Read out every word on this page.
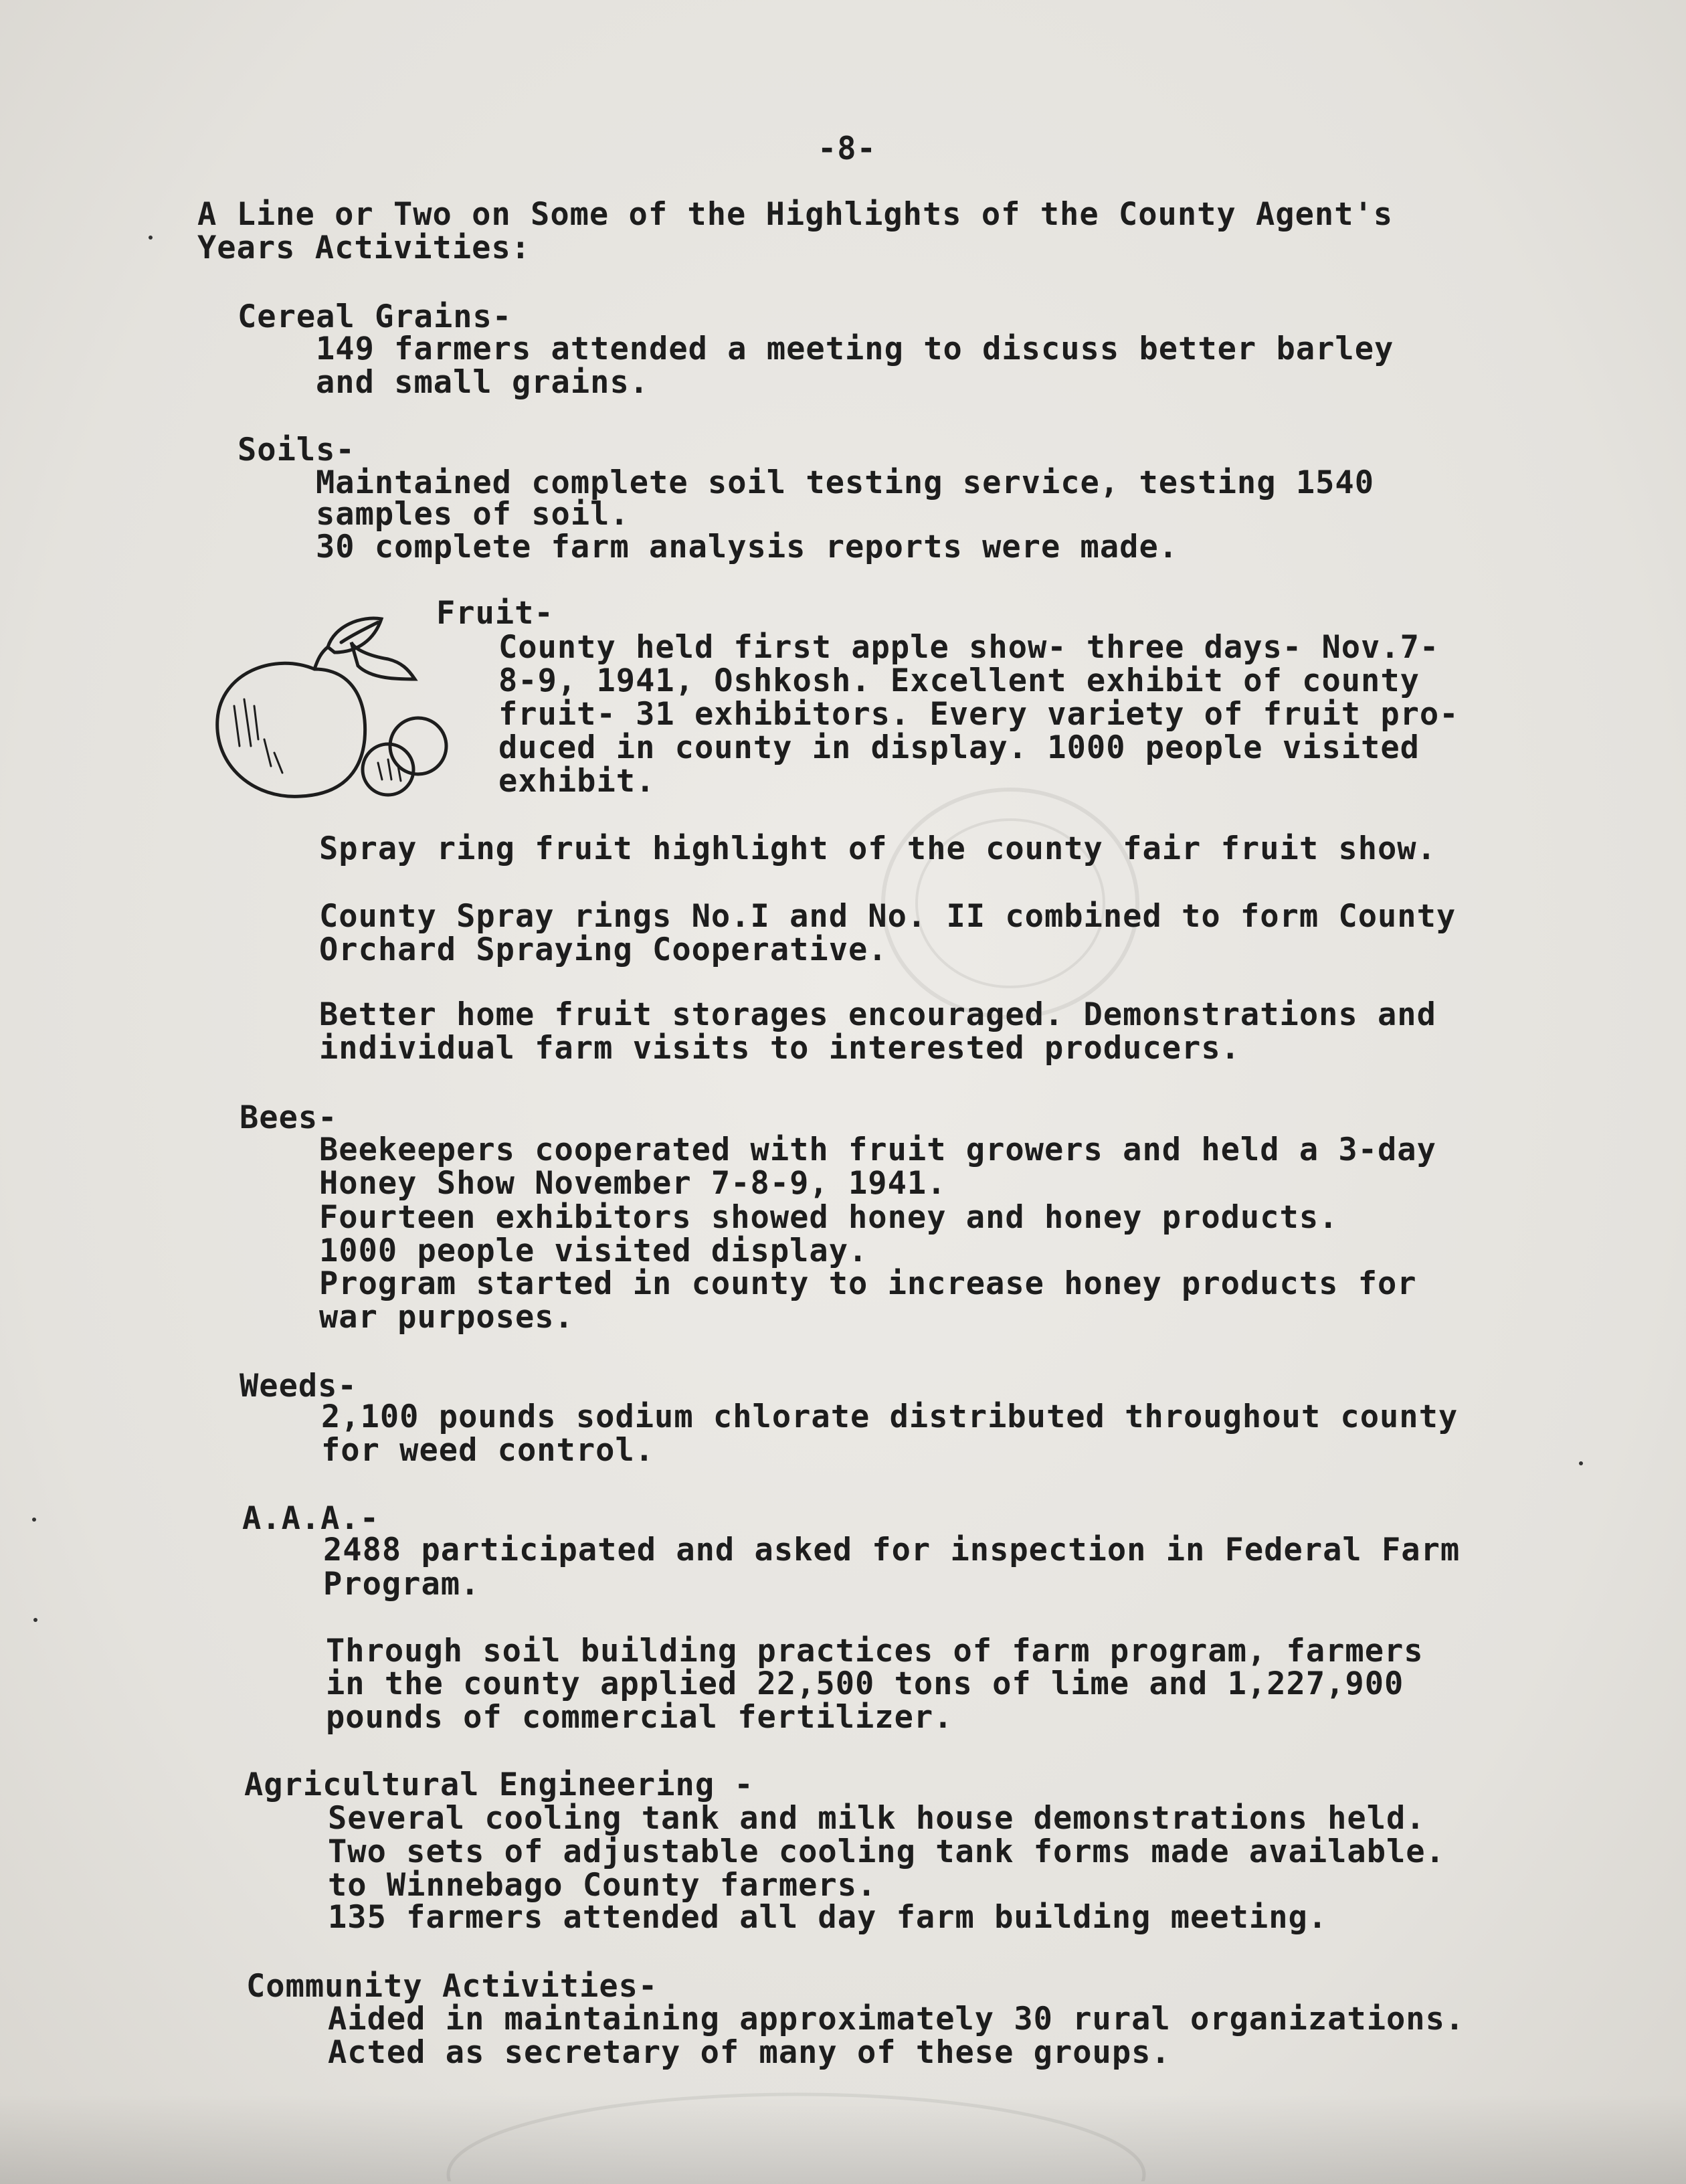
-8-
A Line or Two on Some of the Highlights of the County Agent's
Years Activities:
Cereal Grains-
149 farmers attended a meeting to discuss better barley
and small grains.
Soils-
Maintained complete soil testing service, testing 1540
samples of soil.
30 complete farm analysis reports were made.
Fruit-
County held first apple show- three days- Nov.7-
8-9, 1941, Oshkosh. Excellent exhibit of county
fruit- 31 exhibitors. Every variety of fruit pro-
duced in county in display. 1000 people visited
exhibit.
Spray ring fruit highlight of the county fair fruit show.
County Spray rings No.I and No. II combined to form County
Orchard Spraying Cooperative.
Better home fruit storages encouraged. Demonstrations and
individual farm visits to interested producers.
Bees-
Beekeepers cooperated with fruit growers and held a 3-day
Honey Show November 7-8-9, 1941.
Fourteen exhibitors showed honey and honey products.
1000 people visited display.
Program started in county to increase honey products for
war purposes.
Weeds-
2,100 pounds sodium chlorate distributed throughout county
for weed control.
A.A.A.-
2488 participated and asked for inspection in Federal Farm
Program.
Through soil building practices of farm program, farmers
in the county applied 22,500 tons of lime and 1,227,900
pounds of commercial fertilizer.
Agricultural Engineering -
Several cooling tank and milk house demonstrations held.
Two sets of adjustable cooling tank forms made available.
to Winnebago County farmers.
135 farmers attended all day farm building meeting.
Community Activities-
Aided in maintaining approximately 30 rural organizations.
Acted as secretary of many of these groups.
